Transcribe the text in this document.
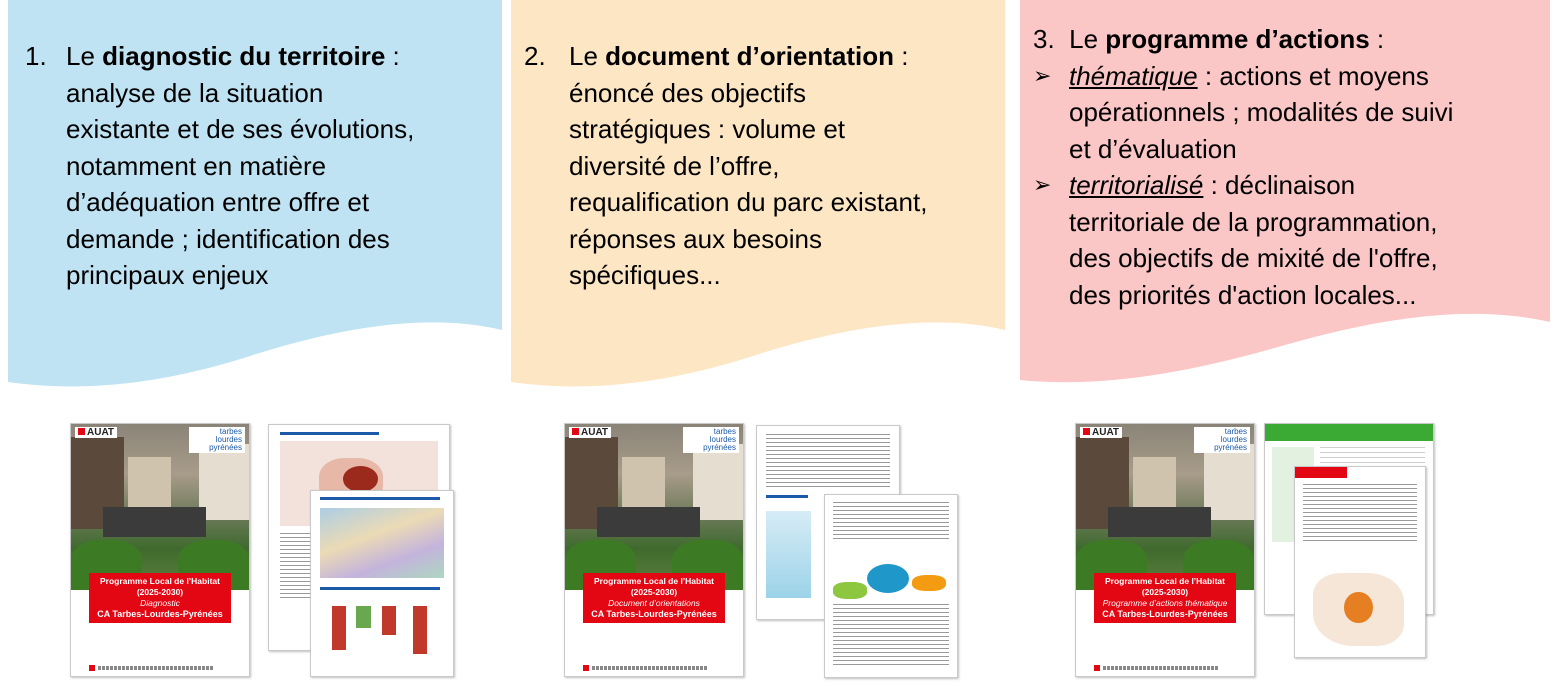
1. Le diagnostic du territoire :
analyse de la situation
existante et de ses évolutions,
notamment en matière
d’adéquation entre offre et
demande ; identification des
principaux enjeux
2. Le document d’orientation :
énoncé des objectifs
stratégiques : volume et
diversité de l’offre,
requalification du parc existant,
réponses aux besoins
spécifiques...
3. Le programme d’actions :
➢ thématique : actions et moyens
opérationnels ; modalités de suivi
et d’évaluation
➢ territorialisé : déclinaison
territoriale de la programmation,
des objectifs de mixité de l'offre,
des priorités d'action locales...
AUAT	tarbes
lourdes
pyrénées
Programme Local de l’Habitat (2025-2030)
Diagnostic
CA Tarbes-Lourdes-Pyrénées
AUAT	tarbes
lourdes
pyrénées
Programme Local de l’Habitat (2025-2030)
Document d’orientations
CA Tarbes-Lourdes-Pyrénées
AUAT	tarbes
lourdes
pyrénées
Programme Local de l’Habitat (2025-2030)
Programme d’actions thématique
CA Tarbes-Lourdes-Pyrénées
